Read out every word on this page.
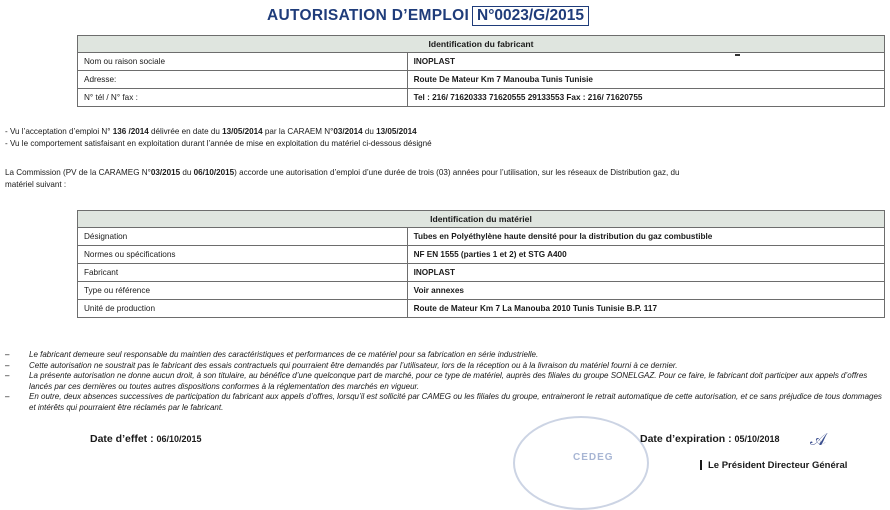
AUTORISATION D’EMPLOI N°0023/G/2015
Identification du fabricant	
Nom ou raison sociale	INOPLAST
Adresse:	Route De Mateur Km 7 Manouba Tunis Tunisie
N° tél / N° fax :	Tel : 216/ 71620333 71620555 29133553 Fax : 216/ 71620755
- Vu l’acceptation d’emploi N° 136 /2014 délivrée en date du 13/05/2014 par la CARAEM N°03/2014 du 13/05/2014
- Vu le comportement satisfaisant en exploitation durant l’année de mise en exploitation du matériel ci-dessous désigné
La Commission (PV de la CARAMEG N°03/2015 du 06/10/2015) accorde une autorisation d’emploi d’une durée de trois (03) années pour l’utilisation, sur les réseaux de Distribution gaz, du
matériel suivant :
Identification du matériel	
Désignation	Tubes en Polyéthylène haute densité pour la distribution du gaz combustible
Normes ou spécifications	NF EN 1555 (parties 1 et 2) et STG A400
Fabricant	INOPLAST
Type ou référence	Voir annexes
Unité de production	Route de Mateur Km 7 La Manouba 2010 Tunis Tunisie B.P. 117
– Le fabricant demeure seul responsable du maintien des caractéristiques et performances de ce matériel pour sa fabrication en série industrielle.
– Cette autorisation ne soustrait pas le fabricant des essais contractuels qui pourraient être demandés par l’utilisateur, lors de la réception ou à la livraison du matériel fourni à ce dernier.
– La présente autorisation ne donne aucun droit, à son titulaire, au bénéfice d’une quelconque part de marché, pour ce type de matériel, auprès des filiales du groupe SONELGAZ. Pour ce faire, le fabricant doit participer aux appels d’offres lancés par ces dernières ou toutes autres dispositions conformes à la réglementation des marchés en vigueur.
– En outre, deux absences successives de participation du fabricant aux appels d’offres, lorsqu’il est sollicité par CAMEG ou les filiales du groupe, entraineront le retrait automatique de cette autorisation, et ce sans préjudice de tous dommages et intérêts qui pourraient être réclamés par le fabricant.
CEDEG
Date d’effet : 06/10/2015	Date d’expiration : 05/10/2018 𝒜
Le Président Directeur Général
